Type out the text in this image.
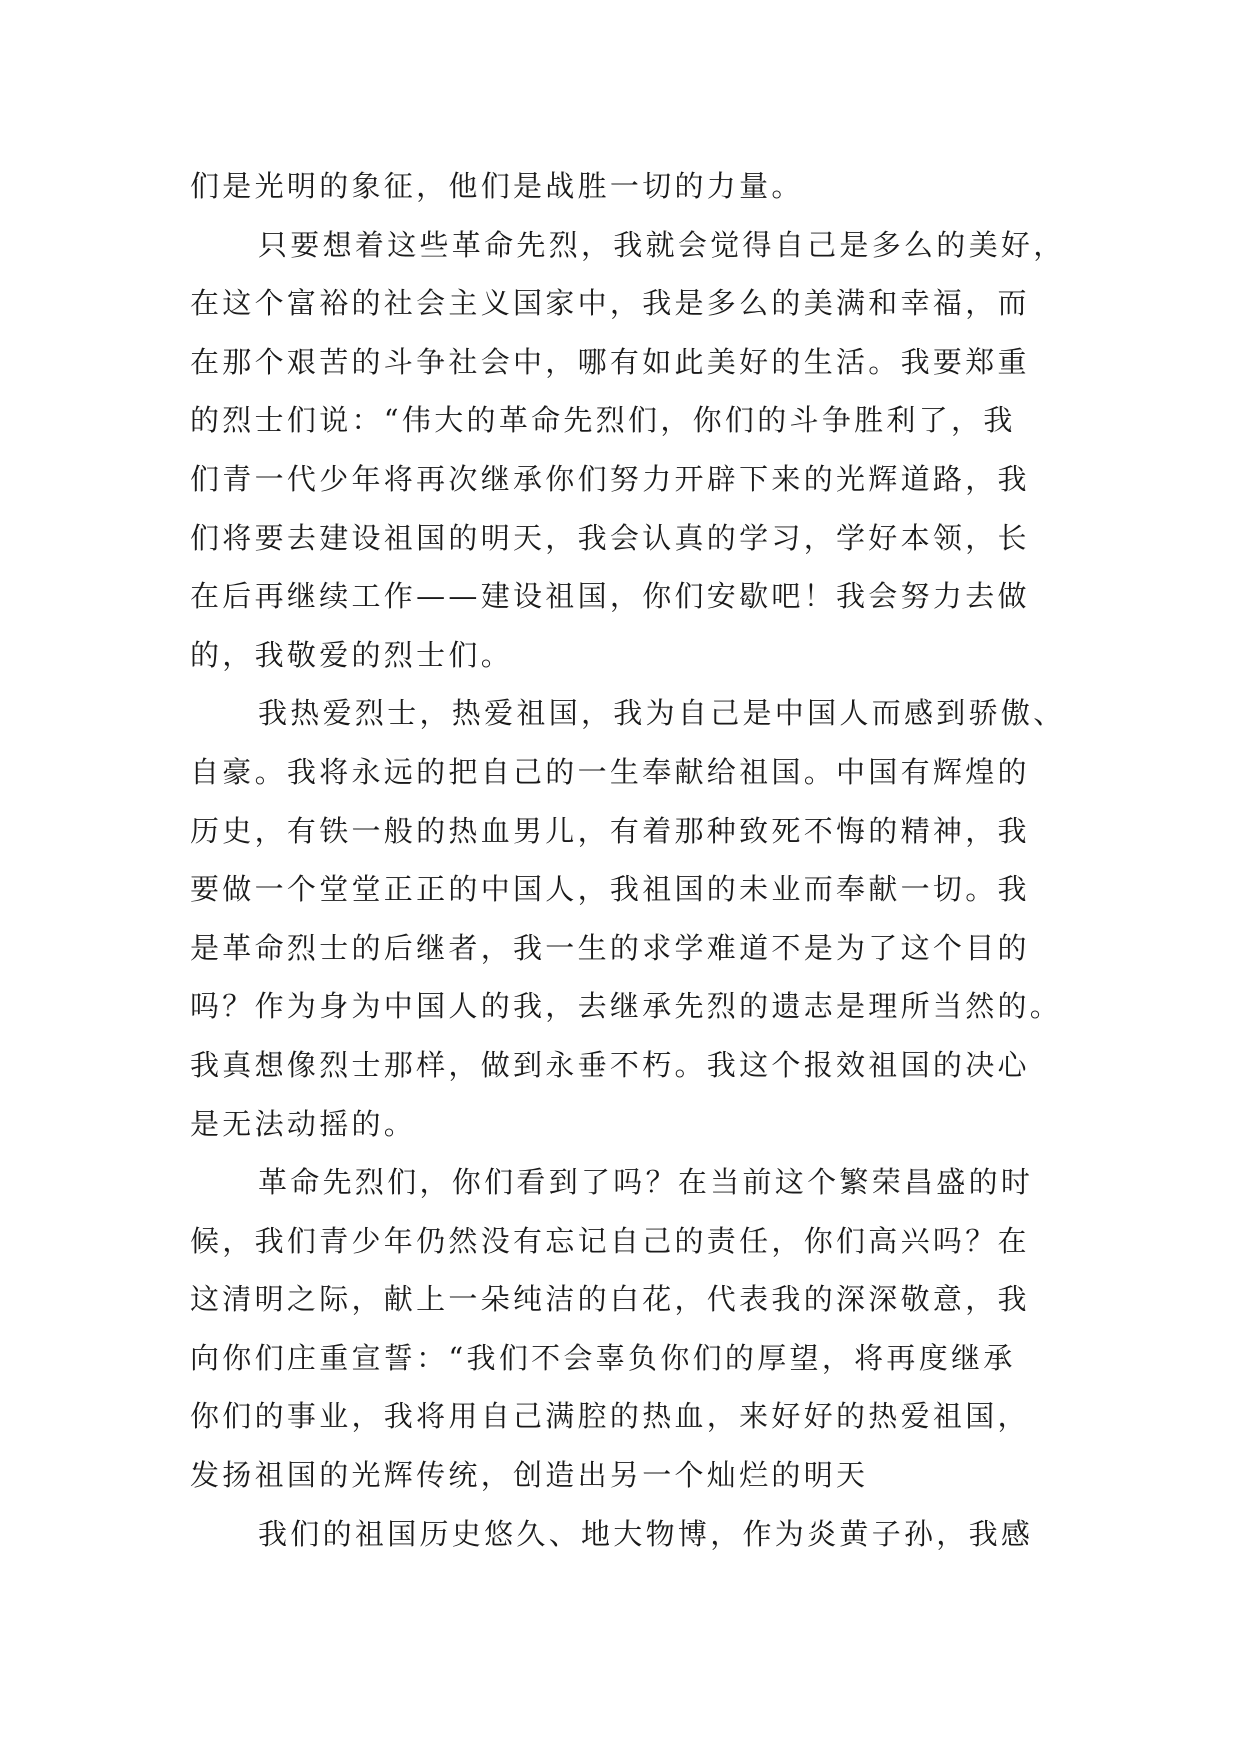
们是光明的象征，他们是战胜一切的力量。
只要想着这些革命先烈，我就会觉得自己是多么的美好，
在这个富裕的社会主义国家中，我是多么的美满和幸福，而
在那个艰苦的斗争社会中，哪有如此美好的生活。我要郑重
的烈士们说：“伟大的革命先烈们，你们的斗争胜利了，我
们青一代少年将再次继承你们努力开辟下来的光辉道路，我
们将要去建设祖国的明天，我会认真的学习，学好本领，长
在后再继续工作——建设祖国，你们安歇吧！我会努力去做
的，我敬爱的烈士们。
我热爱烈士，热爱祖国，我为自己是中国人而感到骄傲、
自豪。我将永远的把自己的一生奉献给祖国。中国有辉煌的
历史，有铁一般的热血男儿，有着那种致死不悔的精神，我
要做一个堂堂正正的中国人，我祖国的未业而奉献一切。我
是革命烈士的后继者，我一生的求学难道不是为了这个目的
吗？作为身为中国人的我，去继承先烈的遗志是理所当然的。
我真想像烈士那样，做到永垂不朽。我这个报效祖国的决心
是无法动摇的。
革命先烈们，你们看到了吗？在当前这个繁荣昌盛的时
候，我们青少年仍然没有忘记自己的责任，你们高兴吗？在
这清明之际，献上一朵纯洁的白花，代表我的深深敬意，我
向你们庄重宣誓：“我们不会辜负你们的厚望，将再度继承
你们的事业，我将用自己满腔的热血，来好好的热爱祖国，
发扬祖国的光辉传统，创造出另一个灿烂的明天
我们的祖国历史悠久、地大物博，作为炎黄子孙，我感
